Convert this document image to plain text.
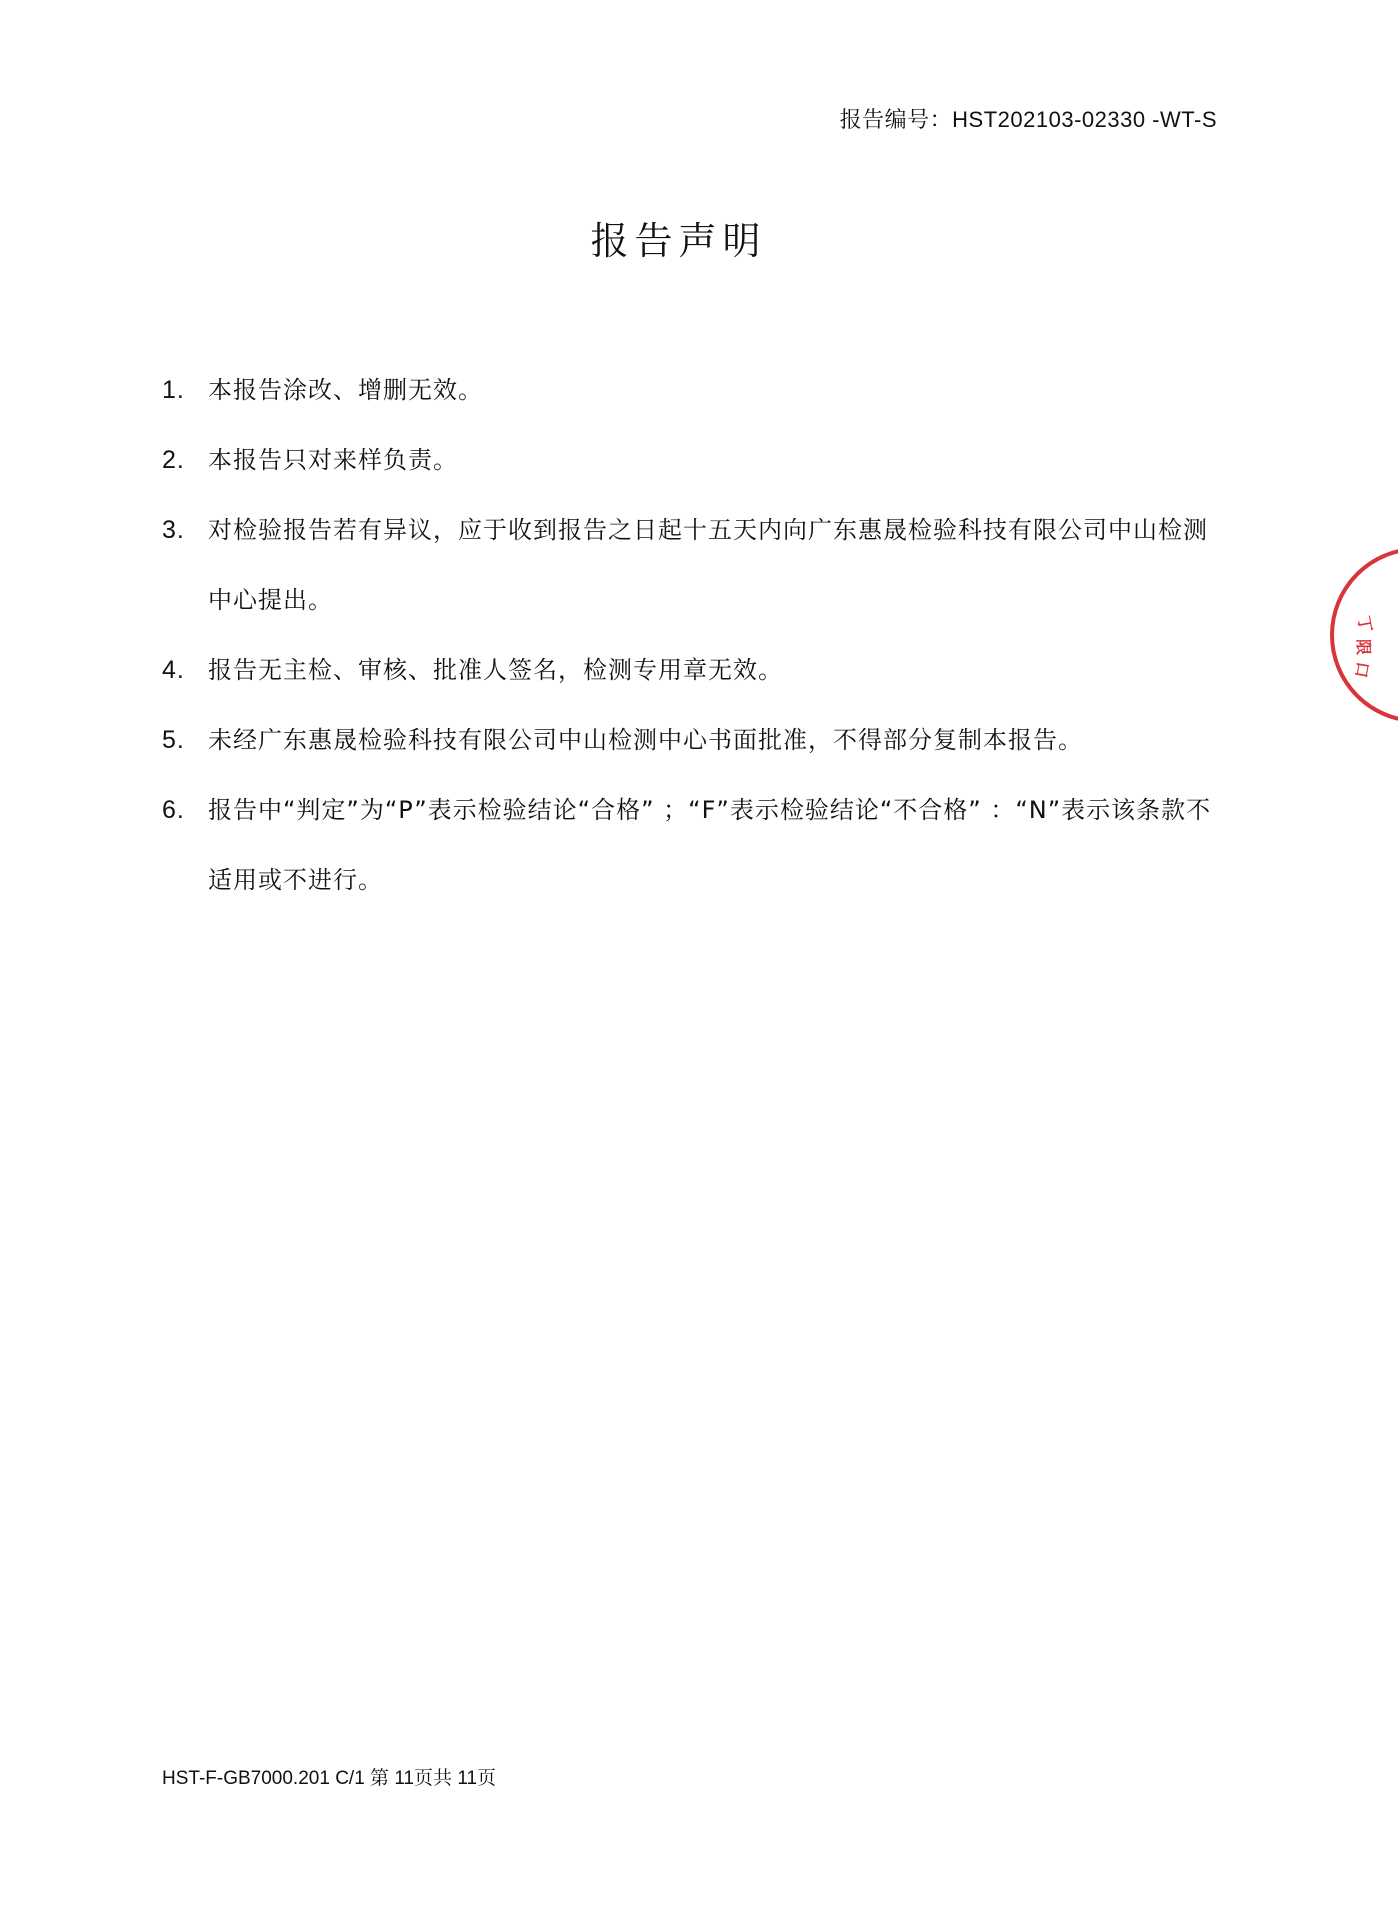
报告编号：HST202103-02330 -WT-S
报告声明
1. 本报告涂改、增删无效。
2. 本报告只对来样负责。
3. 对检验报告若有异议，应于收到报告之日起十五天内向广东惠晟检验科技有限公司中山检测中心提出。
4. 报告无主检、审核、批准人签名，检测专用章无效。
5. 未经广东惠晟检验科技有限公司中山检测中心书面批准，不得部分复制本报告。
6. 报告中“判定”为“P”表示检验结论“合格” ；“F”表示检验结论“不合格” ：“N”表示该条款不适用或不进行。
HST-F-GB7000.201 C/1 第 11页共 11页
丁
限
口
